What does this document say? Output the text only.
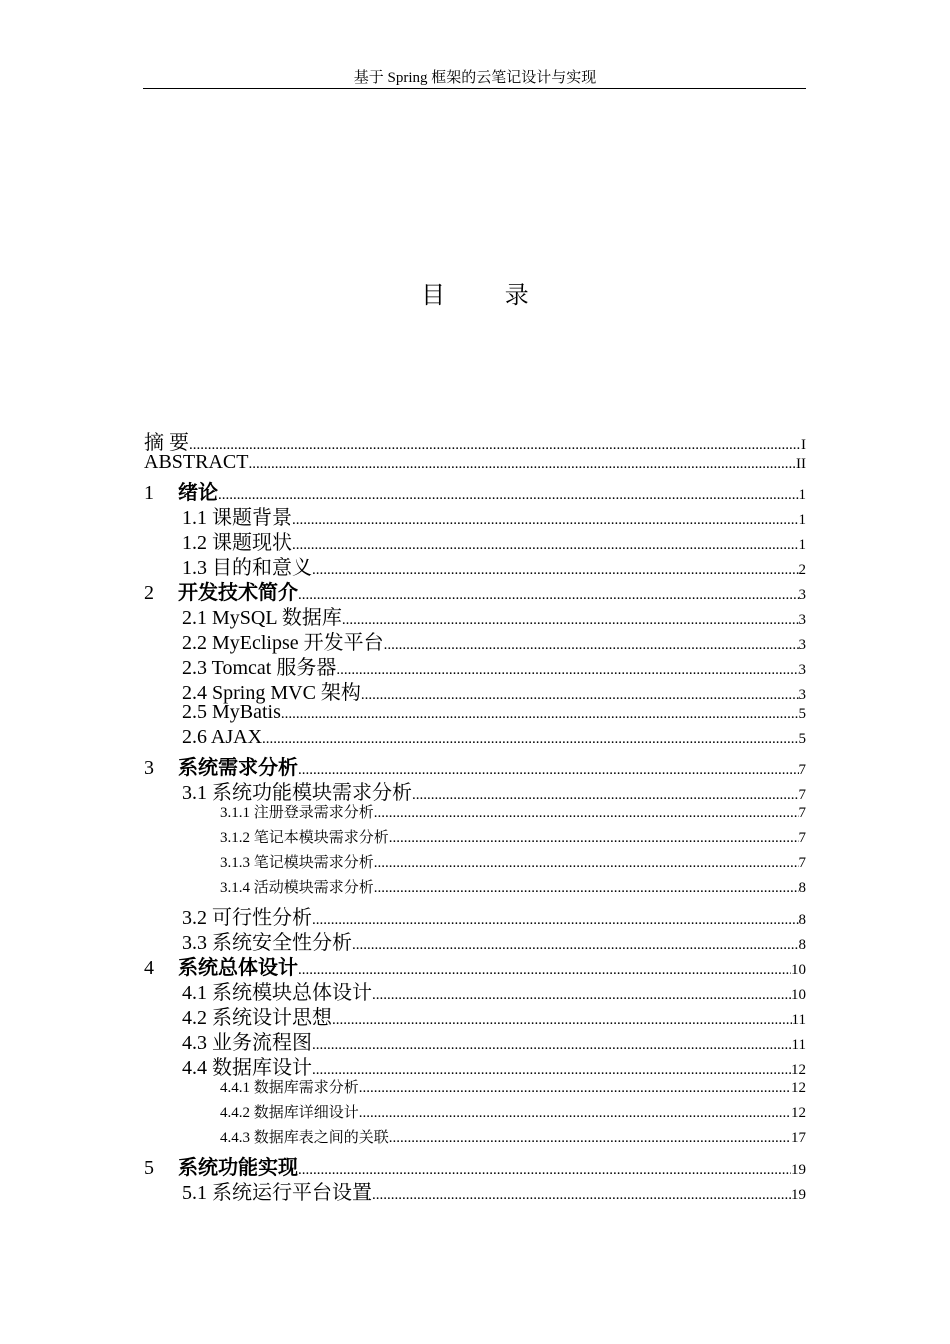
基于 Spring 框架的云笔记设计与实现
目 录
摘 要 .....	I
ABSTRACT .....	II
1 绪论 .....	1
1.1 课题背景 .....	1
1.2 课题现状 .....	1
1.3 目的和意义 .....	2
2 开发技术简介 .....	3
2.1 MySQL 数据库 .....	3
2.2 MyEclipse 开发平台 .....	3
2.3 Tomcat 服务器 .....	3
2.4 Spring MVC 架构 .....	3
2.5 MyBatis .....	5
2.6 AJAX .....	5
3 系统需求分析 .....	7
3.1 系统功能模块需求分析 .....	7
3.1.1 注册登录需求分析 .....	7
3.1.2 笔记本模块需求分析 .....	7
3.1.3 笔记模块需求分析 .....	7
3.1.4 活动模块需求分析 .....	8
3.2 可行性分析 .....	8
3.3 系统安全性分析 .....	8
4 系统总体设计 .....	10
4.1 系统模块总体设计 .....	10
4.2 系统设计思想 .....	11
4.3 业务流程图 .....	11
4.4 数据库设计 .....	12
4.4.1 数据库需求分析 .....	12
4.4.2 数据库详细设计 .....	12
4.4.3 数据库表之间的关联 .....	17
5 系统功能实现 .....	19
5.1 系统运行平台设置 .....	19
